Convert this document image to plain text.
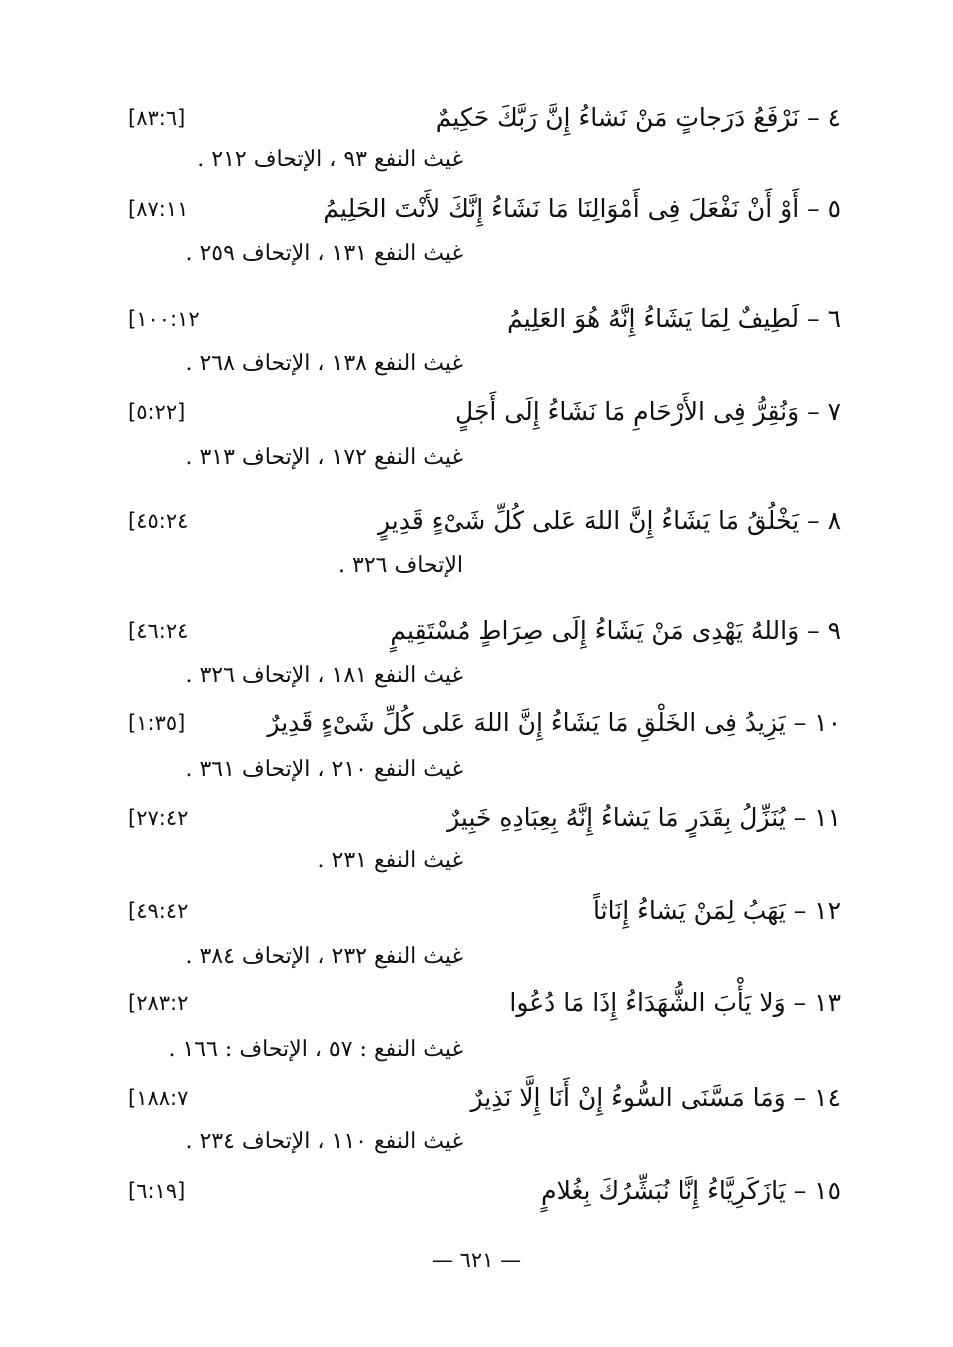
٤ – نَرْفَعُ دَرَجاتٍ مَنْ نَشاءُ إِنَّ رَبَّكَ حَكِيمٌ
[٨٣:٦]
غيث النفع ٩٣ ، الإتحاف ٢١٢ .
٥ – أَوْ أَنْ نَفْعَلَ فِى أَمْوَالِنَا مَا نَشَاءُ إِنَّكَ لأَنْتَ الحَلِيمُ
[٨٧:١١
غيث النفع ١٣١ ، الإتحاف ٢٥٩ .
٦ – لَطِيفٌ لِمَا يَشَاءُ إِنَّهُ هُوَ العَلِيمُ
[١٠٠:١٢
غيث النفع ١٣٨ ، الإتحاف ٢٦٨ .
٧ – وَنُقِرُّ فِى الأَرْحَامِ مَا نَشَاءُ إِلَى أَجَلٍ
[٥:٢٢]
غيث النفع ١٧٢ ، الإتحاف ٣١٣ .
٨ – يَخْلُقُ مَا يَشَاءُ إِنَّ اللهَ عَلى كُلِّ شَىْءٍ قَدِيرٍ
[٤٥:٢٤
الإتحاف ٣٢٦ .
٩ – وَاللهُ يَهْدِى مَنْ يَشَاءُ إِلَى صِرَاطٍ مُسْتَقِيمٍ
[٤٦:٢٤
غيث النفع ١٨١ ، الإتحاف ٣٢٦ .
١٠ – يَزِيدُ فِى الخَلْقِ مَا يَشَاءُ إِنَّ اللهَ عَلى كُلِّ شَىْءٍ قَدِيرٌ
[١:٣٥]
غيث النفع ٢١٠ ، الإتحاف ٣٦١ .
١١ – يُنَزِّلُ بِقَدَرٍ مَا يَشاءُ إِنَّهُ بِعِبَادِهِ خَبِيرٌ
[٢٧:٤٢
غيث النفع ٢٣١ .
١٢ – يَهَبُ لِمَنْ يَشاءُ إِنَاثاً
[٤٩:٤٢
غيث النفع ٢٣٢ ، الإتحاف ٣٨٤ .
١٣ – وَلا يَأْبَ الشُّهَدَاءُ إِذَا مَا دُعُوا
[٢٨٣:٢
غيث النفع : ٥٧ ، الإتحاف : ١٦٦ .
١٤ – وَمَا مَسَّنَى السُّوءُ إِنْ أَنَا إِلَّا نَذِيرٌ
[١٨٨:٧
غيث النفع ١١٠ ، الإتحاف ٢٣٤ .
١٥ – يَازَكَرِيَّاءُ إِنَّا نُبَشِّرُكَ بِغُلامٍ
[٦:١٩]
— ٦٢١ —
